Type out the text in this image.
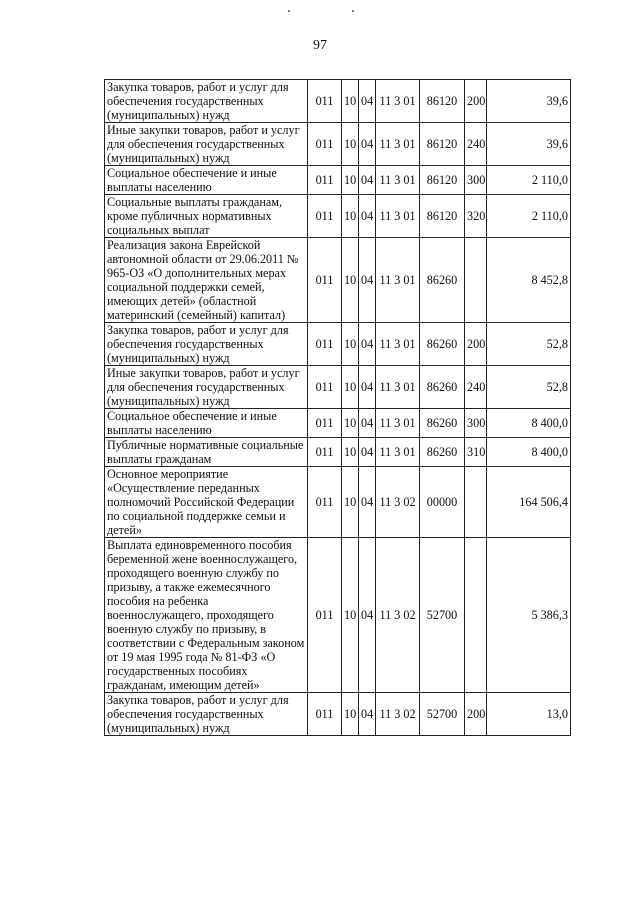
97
Закупка товаров, работ и услуг для обеспечения государственных (муниципальных) нужд	011	10	04	11 3 01	86120	200	39,6
Иные закупки товаров, работ и услуг для обеспечения государственных (муниципальных) нужд	011	10	04	11 3 01	86120	240	39,6
Социальное обеспечение и иные выплаты населению	011	10	04	11 3 01	86120	300	2 110,0
Социальные выплаты гражданам, кроме публичных нормативных социальных выплат	011	10	04	11 3 01	86120	320	2 110,0
Реализация закона Еврейской автономной области от 29.06.2011 № 965-ОЗ «О дополнительных мерах социальной поддержки семей, имеющих детей» (областной материнский (семейный) капитал)	011	10	04	11 3 01	86260		8 452,8
Закупка товаров, работ и услуг для обеспечения государственных (муниципальных) нужд	011	10	04	11 3 01	86260	200	52,8
Иные закупки товаров, работ и услуг для обеспечения государственных (муниципальных) нужд	011	10	04	11 3 01	86260	240	52,8
Социальное обеспечение и иные выплаты населению	011	10	04	11 3 01	86260	300	8 400,0
Публичные нормативные социальные выплаты гражданам	011	10	04	11 3 01	86260	310	8 400,0
Основное мероприятие «Осуществление переданных полномочий Российской Федерации по социальной поддержке семьи и детей»	011	10	04	11 3 02	00000		164 506,4
Выплата единовременного пособия беременной жене военнослужащего, проходящего военную службу по призыву, а также ежемесячного пособия на ребенка военнослужащего, проходящего военную службу по призыву, в соответствии с Федеральным законом от 19 мая 1995 года № 81-ФЗ «О государственных пособиях гражданам, имеющим детей»	011	10	04	11 3 02	52700		5 386,3
Закупка товаров, работ и услуг для обеспечения государственных (муниципальных) нужд	011	10	04	11 3 02	52700	200	13,0
